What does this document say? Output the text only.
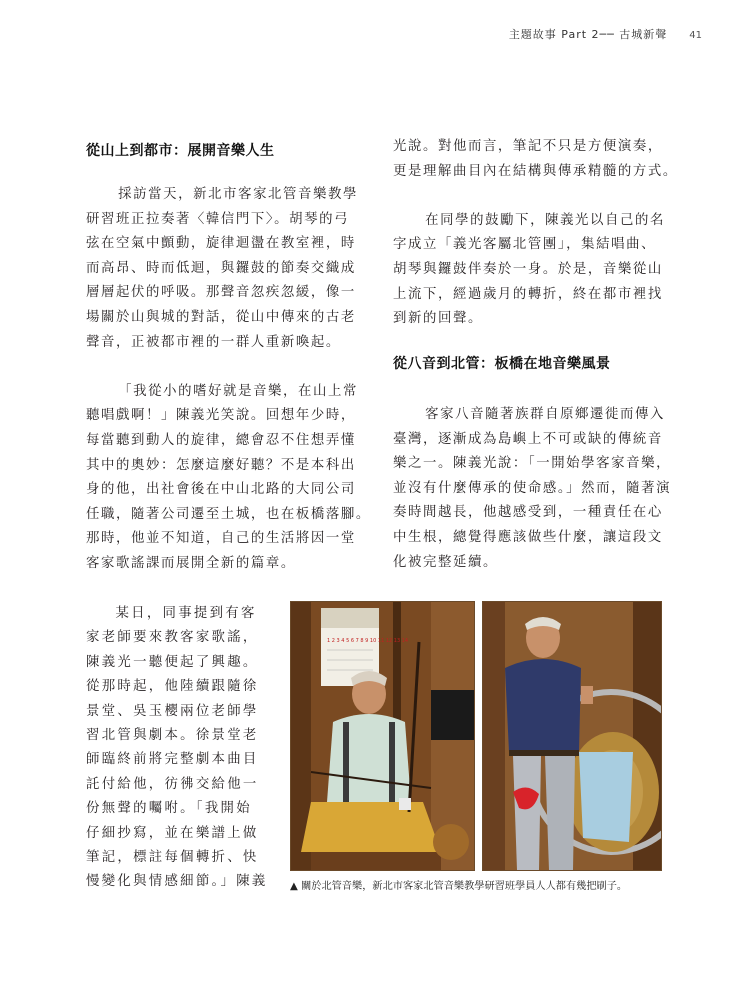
主題故事 Part 2── 古城新聲 41
從山上到都市：展開音樂人生

採訪當天，新北市客家北管音樂教學
研習班正拉奏著〈韓信門下〉。胡琴的弓
弦在空氣中顫動，旋律迴盪在教室裡，時
而高昂、時而低迴，與鑼鼓的節奏交織成
層層起伏的呼吸。那聲音忽疾忽緩，像一
場關於山與城的對話，從山中傳來的古老
聲音，正被都市裡的一群人重新喚起。

「我從小的嗜好就是音樂，在山上常
聽唱戲啊！」陳義光笑說。回想年少時，
每當聽到動人的旋律，總會忍不住想弄懂
其中的奧妙：怎麼這麼好聽？不是本科出
身的他，出社會後在中山北路的大同公司
任職，隨著公司遷至土城，也在板橋落腳。
那時，他並不知道，自己的生活將因一堂
客家歌謠課而展開全新的篇章。

某日，同事提到有客
家老師要來教客家歌謠，
陳義光一聽便起了興趣。
從那時起，他陸續跟隨徐
景堂、吳玉櫻兩位老師學
習北管與劇本。徐景堂老
師臨終前將完整劇本曲目
託付給他，彷彿交給他一
份無聲的囑咐。「我開始
仔細抄寫，並在樂譜上做
筆記，標註每個轉折、快
慢變化與情感細節。」陳義

光說。對他而言，筆記不只是方便演奏，
更是理解曲目內在結構與傳承精髓的方式。

在同學的鼓勵下，陳義光以自己的名
字成立「義光客屬北管團」，集結唱曲、
胡琴與鑼鼓伴奏於一身。於是，音樂從山
上流下，經過歲月的轉折，終在都市裡找
到新的回聲。

從八音到北管：板橋在地音樂風景

客家八音隨著族群自原鄉遷徙而傳入
臺灣，逐漸成為島嶼上不可或缺的傳統音
樂之一。陳義光說：「一開始學客家音樂，
並沒有什麼傳承的使命感。」然而，隨著演
奏時間越長，他越感受到，一種責任在心
中生根，總覺得應該做些什麼，讓這段文
化被完整延續。

1 2 3 4 5 6 7 8 9 10 11 12 13 14
▲ 關於北管音樂，新北市客家北管音樂教學研習班學員人人都有幾把刷子。
